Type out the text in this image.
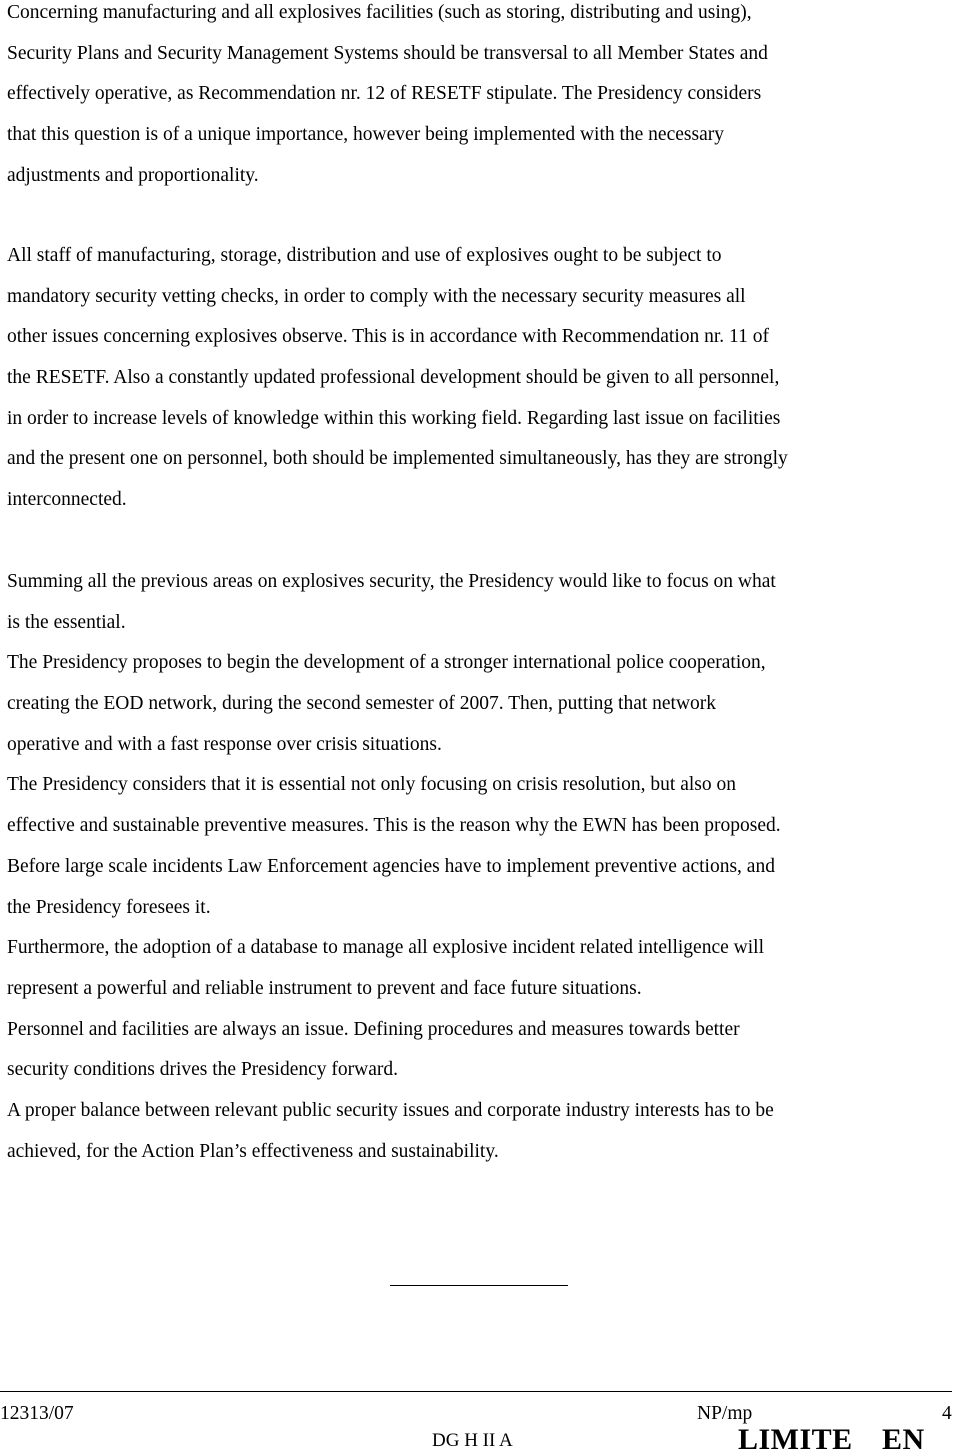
Concerning manufacturing and all explosives facilities (such as storing, distributing and using),
Security Plans and Security Management Systems should be transversal to all Member States and
effectively operative, as Recommendation nr. 12 of RESETF stipulate. The Presidency considers
that this question is of a unique importance, however being implemented with the necessary
adjustments and proportionality.
All staff of manufacturing, storage, distribution and use of explosives ought to be subject to
mandatory security vetting checks, in order to comply with the necessary security measures all
other issues concerning explosives observe. This is in accordance with Recommendation nr. 11 of
the RESETF. Also a constantly updated professional development should be given to all personnel,
in order to increase levels of knowledge within this working field. Regarding last issue on facilities
and the present one on personnel, both should be implemented simultaneously, has they are strongly
interconnected.
Summing all the previous areas on explosives security, the Presidency would like to focus on what
is the essential.
The Presidency proposes to begin the development of a stronger international police cooperation,
creating the EOD network, during the second semester of 2007. Then, putting that network
operative and with a fast response over crisis situations.
The Presidency considers that it is essential not only focusing on crisis resolution, but also on
effective and sustainable preventive measures. This is the reason why the EWN has been proposed.
Before large scale incidents Law Enforcement agencies have to implement preventive actions, and
the Presidency foresees it.
Furthermore, the adoption of a database to manage all explosive incident related intelligence will
represent a powerful and reliable instrument to prevent and face future situations.
Personnel and facilities are always an issue. Defining procedures and measures towards better
security conditions drives the Presidency forward.
A proper balance between relevant public security issues and corporate industry interests has to be
achieved, for the Action Plan’s effectiveness and sustainability.
12313/07	NP/mp	4
DG H II A	LIMITE EN
